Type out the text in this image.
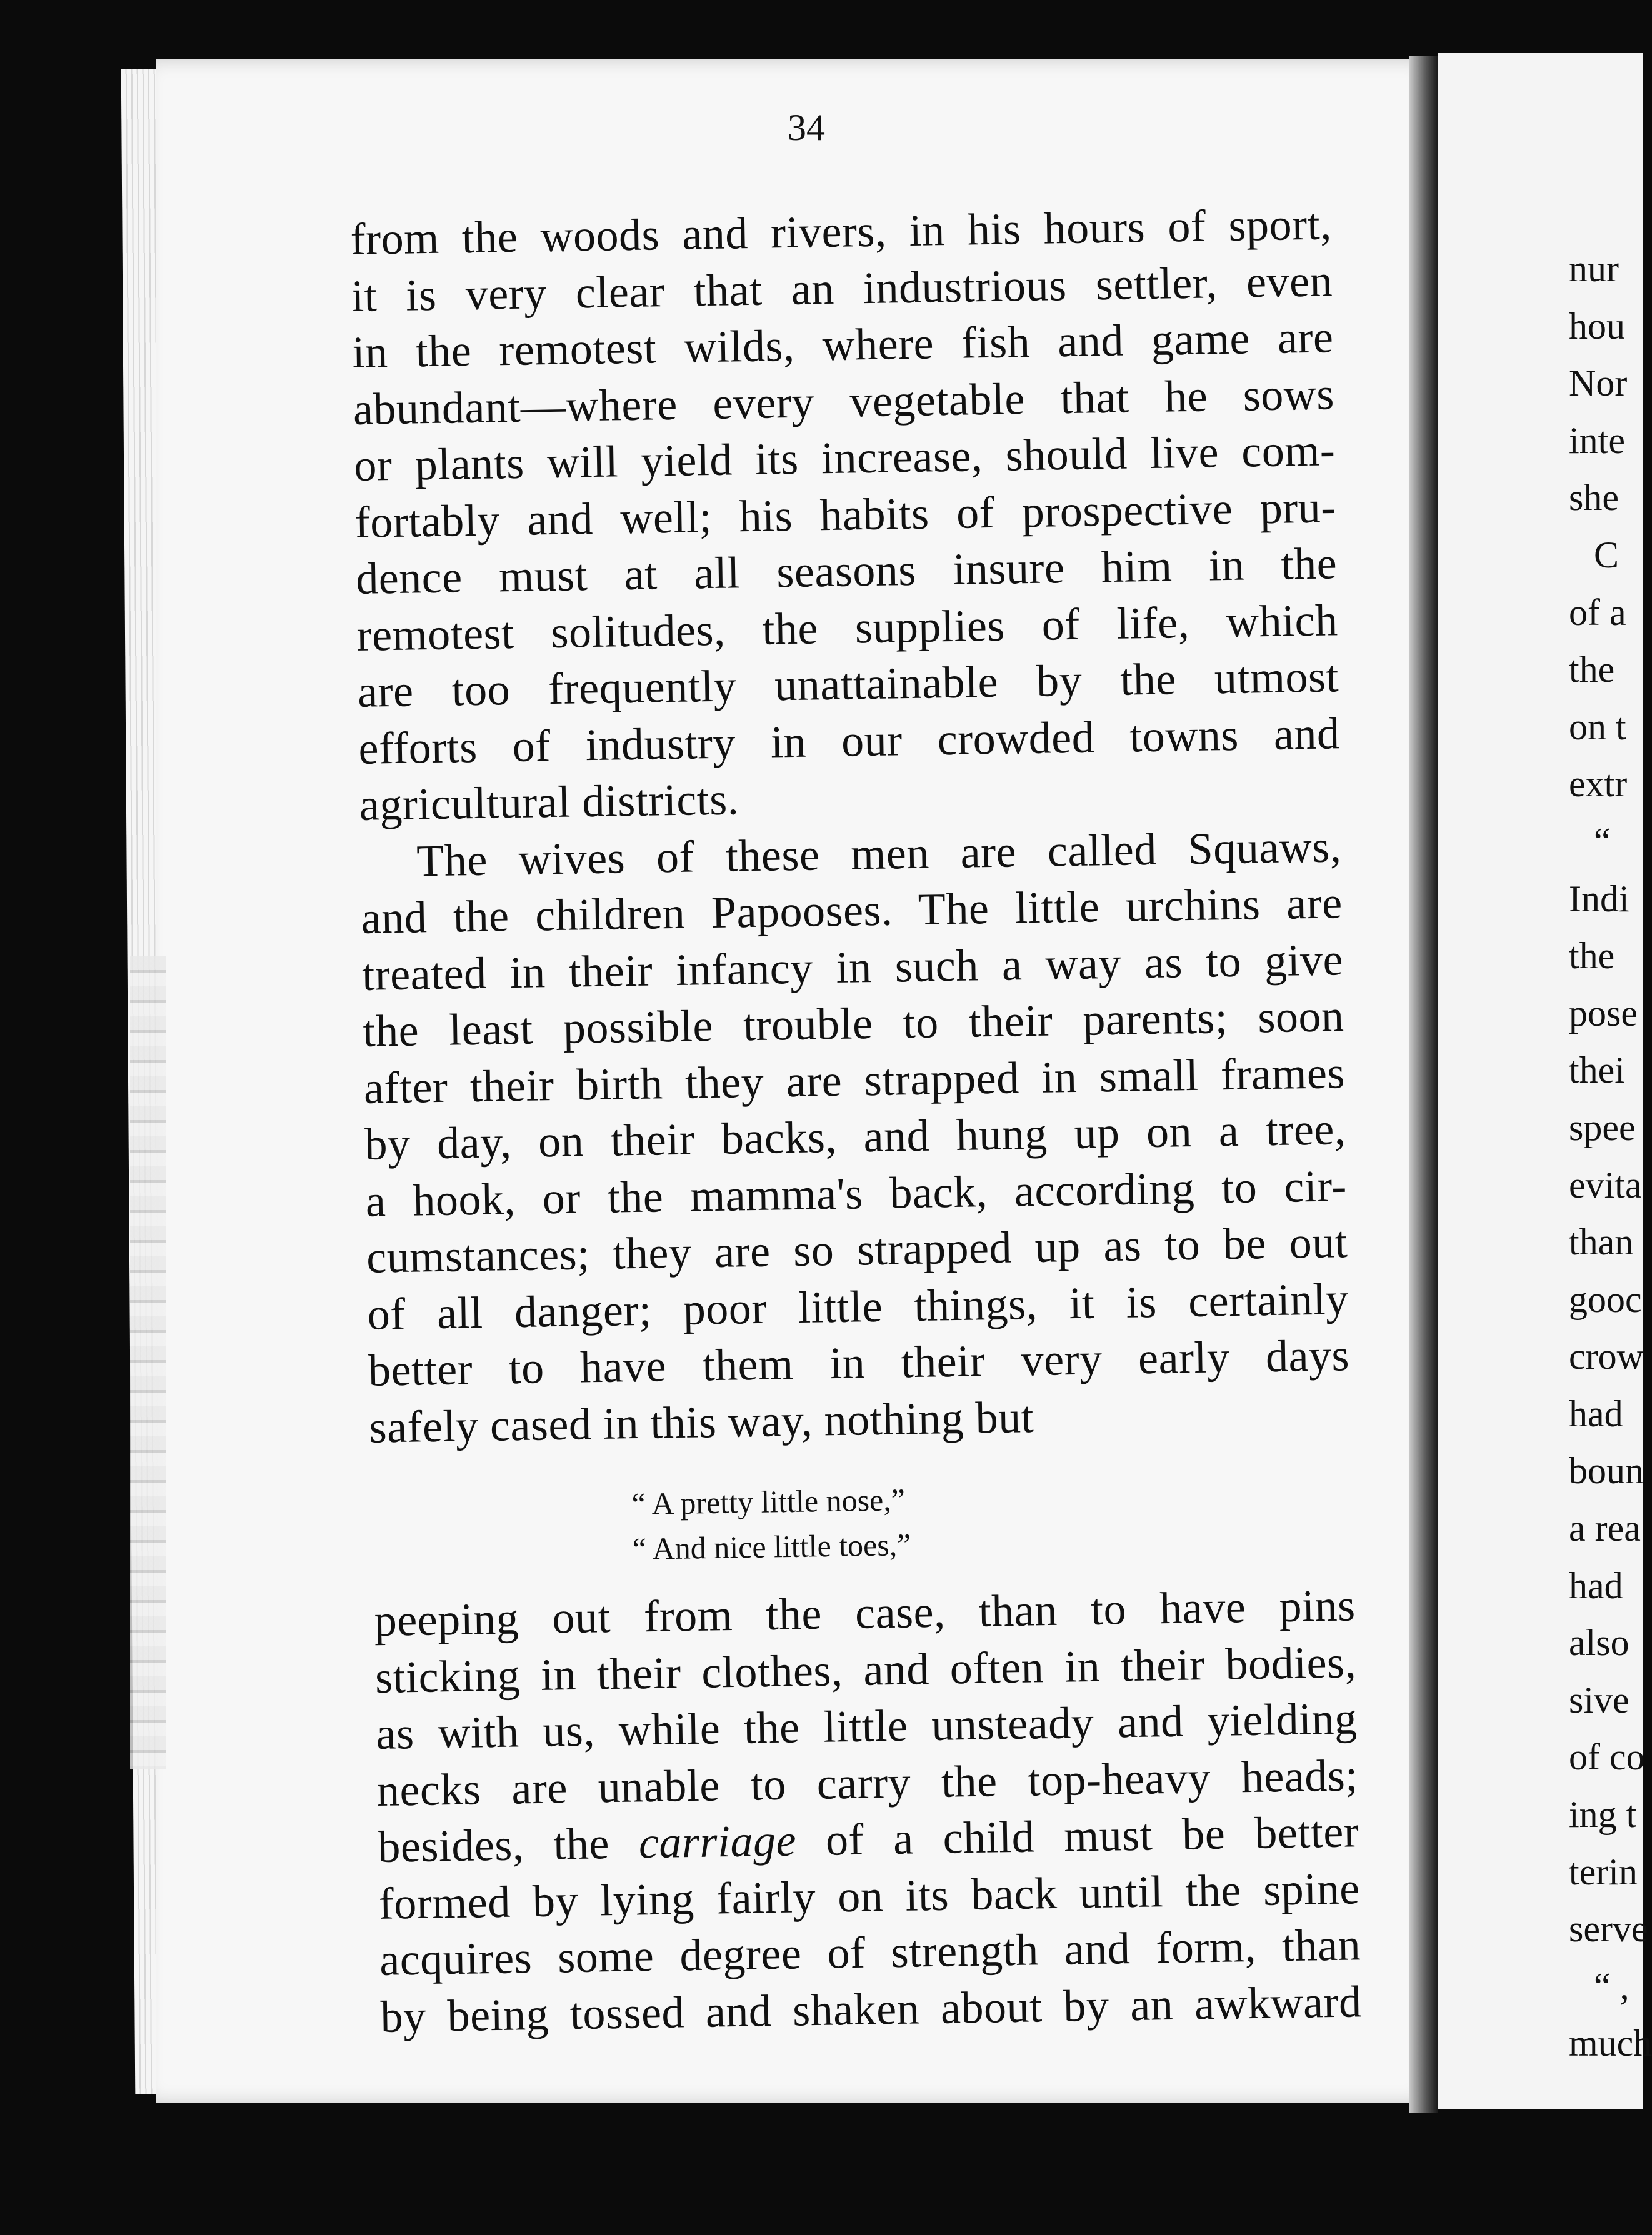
34
from the woods and rivers, in his hours of sport,
it is very clear that an industrious settler, even
in the remotest wilds, where fish and game are
abundant—where every vegetable that he sows
or plants will yield its increase, should live com-
fortably and well; his habits of prospective pru-
dence must at all seasons insure him in the
remotest solitudes, the supplies of life, which
are too frequently unattainable by the utmost
efforts of industry in our crowded towns and
agricultural districts.
The wives of these men are called Squaws,
and the children Papooses. The little urchins are
treated in their infancy in such a way as to give
the least possible trouble to their parents; soon
after their birth they are strapped in small frames
by day, on their backs, and hung up on a tree,
a hook, or the mamma's back, according to cir-
cumstances; they are so strapped up as to be out
of all danger; poor little things, it is certainly
better to have them in their very early days
safely cased in this way, nothing but
“ A pretty little nose,”
“ And nice little toes,”
peeping out from the case, than to have pins
sticking in their clothes, and often in their bodies,
as with us, while the little unsteady and yielding
necks are unable to carry the top-heavy heads;
besides, the carriage of a child must be better
formed by lying fairly on its back until the spine
acquires some degree of strength and form, than
by being tossed and shaken about by an awkward
nur
hou
Nor
inte
she
C
of a
the
on t
extr
“
Indi
the
pose
thei
spee
evita
than
gooc
crow
had
boun
a rea
had
also
sive
of co
ing t
terin
serve
“ ,
much
